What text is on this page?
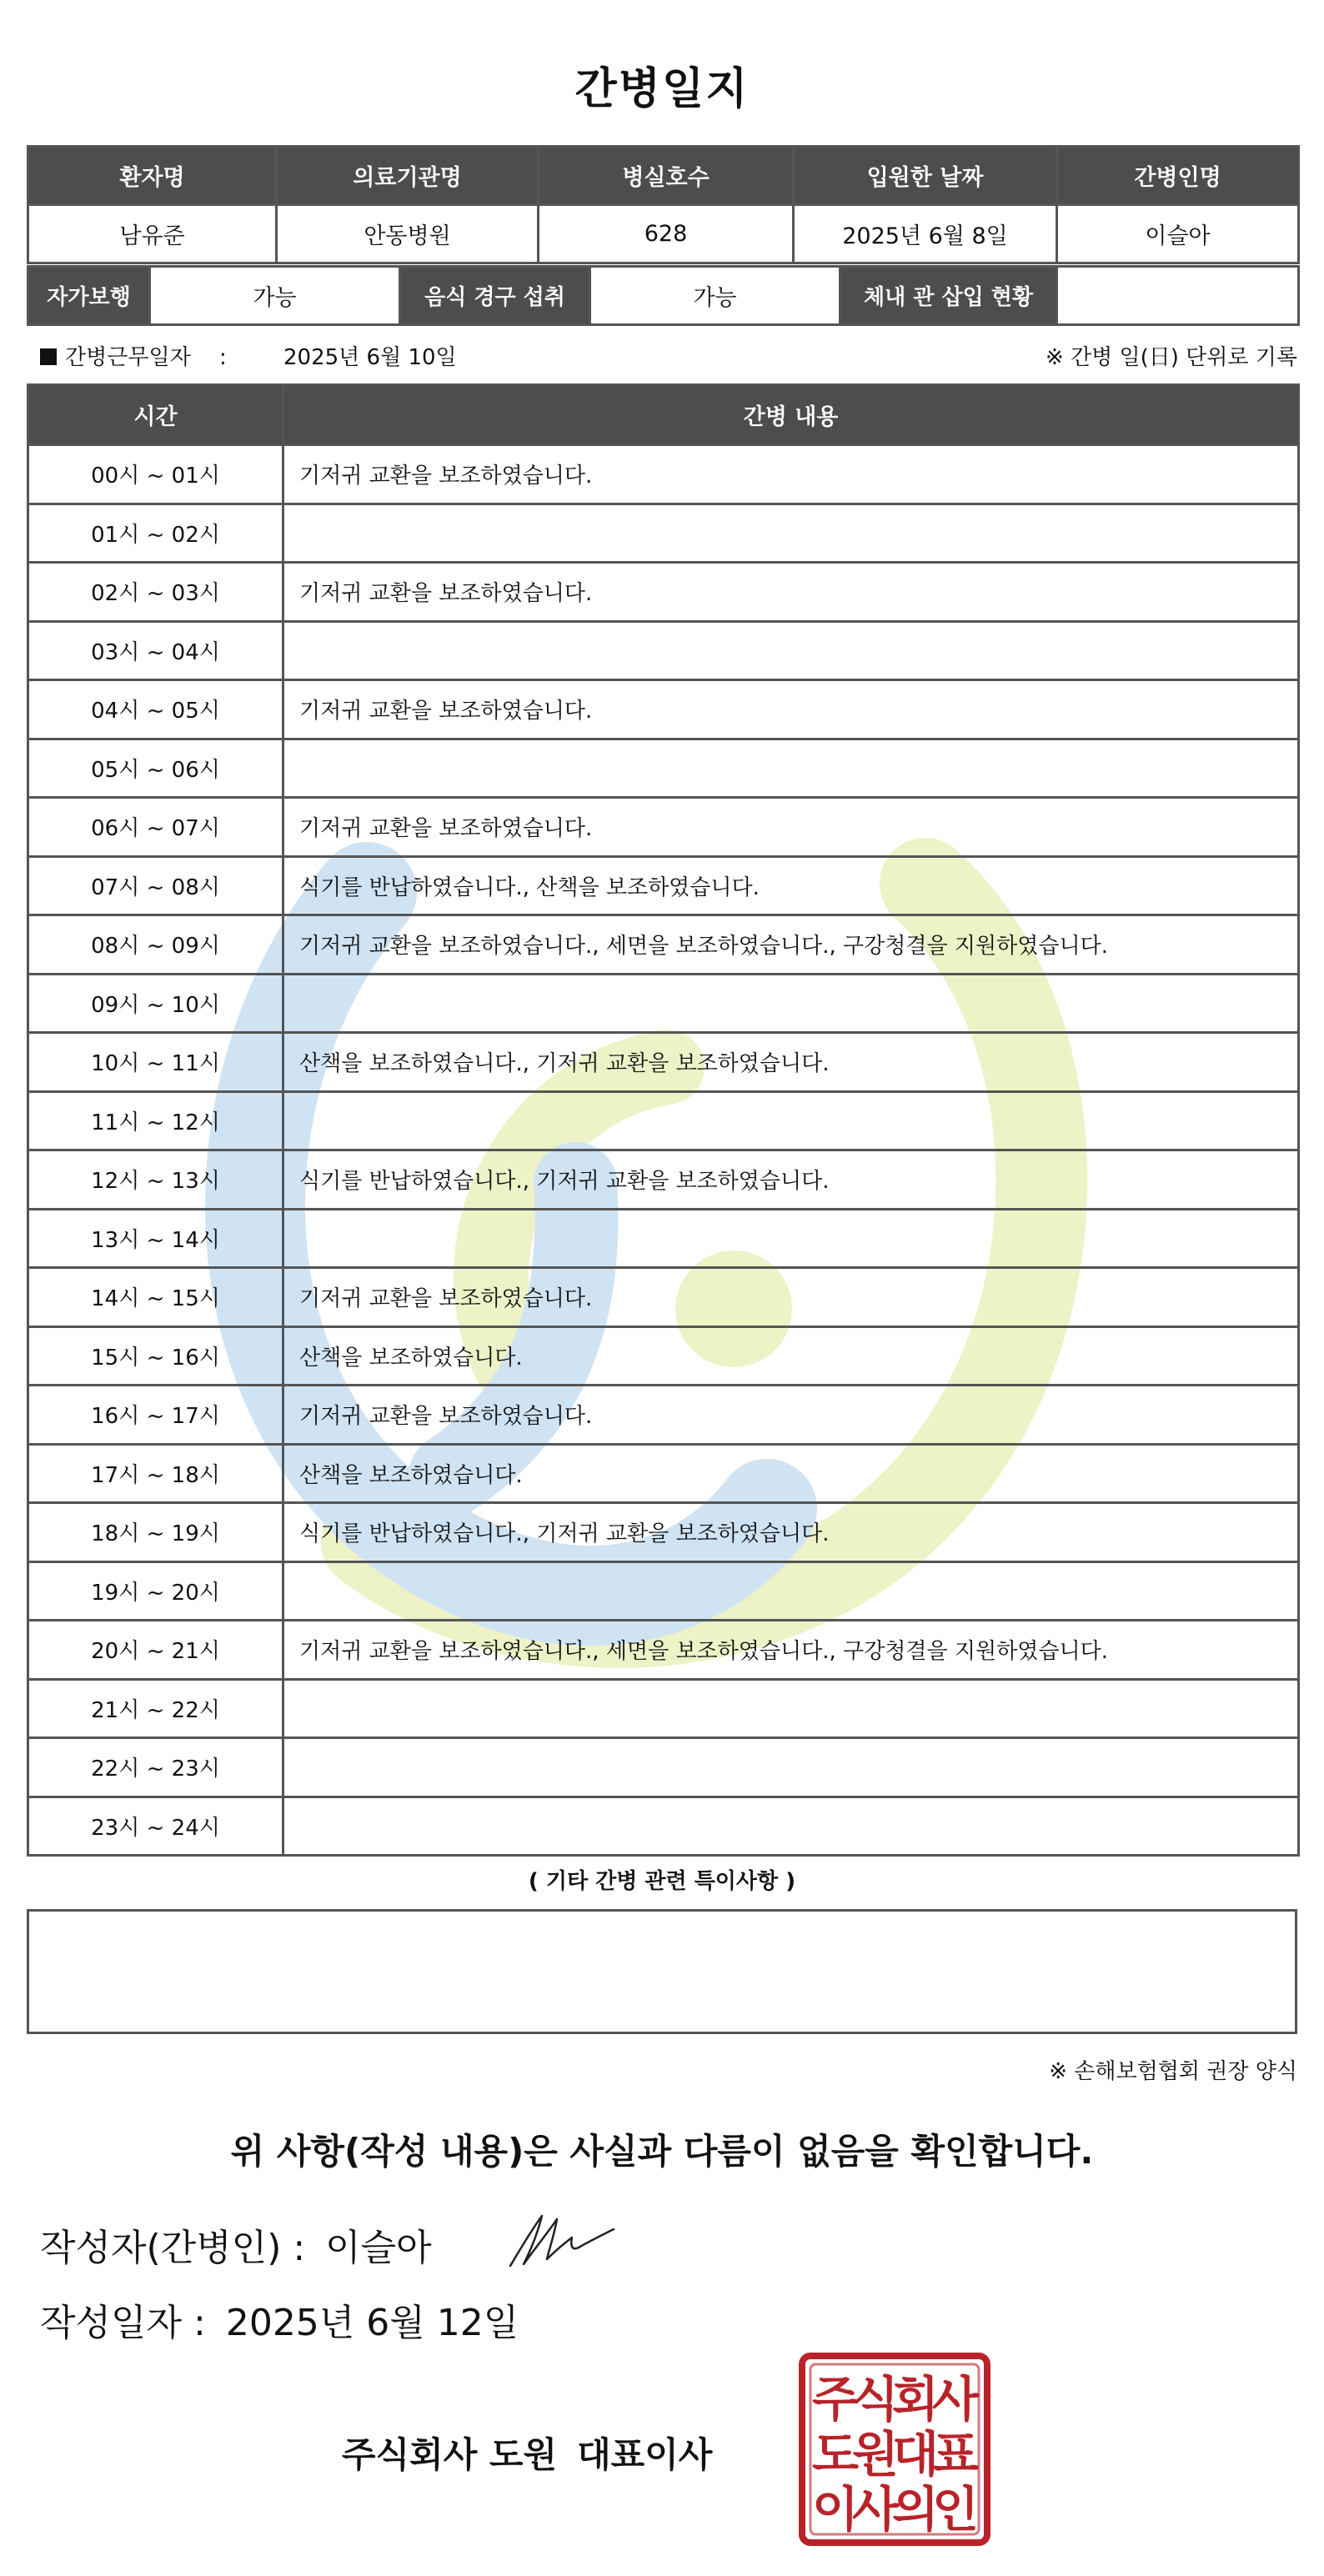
간병일지
환자명	의료기관명	병실호수	입원한 날짜	간병인명
남유준	안동병원	628	2025년 6월 8일	이슬아
자가보행	가능	음식 경구 섭취	가능	체내 관 삽입 현황	
간병근무일자 :	2025년 6월 10일	※ 간병 일(日) 단위로 기록
시간	간병 내용
00시 ~ 01시	기저귀 교환을 보조하였습니다.
01시 ~ 02시	
02시 ~ 03시	기저귀 교환을 보조하였습니다.
03시 ~ 04시	
04시 ~ 05시	기저귀 교환을 보조하였습니다.
05시 ~ 06시	
06시 ~ 07시	기저귀 교환을 보조하였습니다.
07시 ~ 08시	식기를 반납하였습니다., 산책을 보조하였습니다.
08시 ~ 09시	기저귀 교환을 보조하였습니다., 세면을 보조하였습니다., 구강청결을 지원하였습니다.
09시 ~ 10시	
10시 ~ 11시	산책을 보조하였습니다., 기저귀 교환을 보조하였습니다.
11시 ~ 12시	
12시 ~ 13시	식기를 반납하였습니다., 기저귀 교환을 보조하였습니다.
13시 ~ 14시	
14시 ~ 15시	기저귀 교환을 보조하였습니다.
15시 ~ 16시	산책을 보조하였습니다.
16시 ~ 17시	기저귀 교환을 보조하였습니다.
17시 ~ 18시	산책을 보조하였습니다.
18시 ~ 19시	식기를 반납하였습니다., 기저귀 교환을 보조하였습니다.
19시 ~ 20시	
20시 ~ 21시	기저귀 교환을 보조하였습니다., 세면을 보조하였습니다., 구강청결을 지원하였습니다.
21시 ~ 22시	
22시 ~ 23시	
23시 ~ 24시	
( 기타 간병 관련 특이사항 )
※ 손해보험협회 권장 양식
위 사항(작성 내용)은 사실과 다름이 없음을 확인합니다.
작성자(간병인) : 이슬아
작성일자 : 2025년 6월 12일
주식회사 도원 대표이사
주
식
회
사
도
원
대
표
이
사
의
인
